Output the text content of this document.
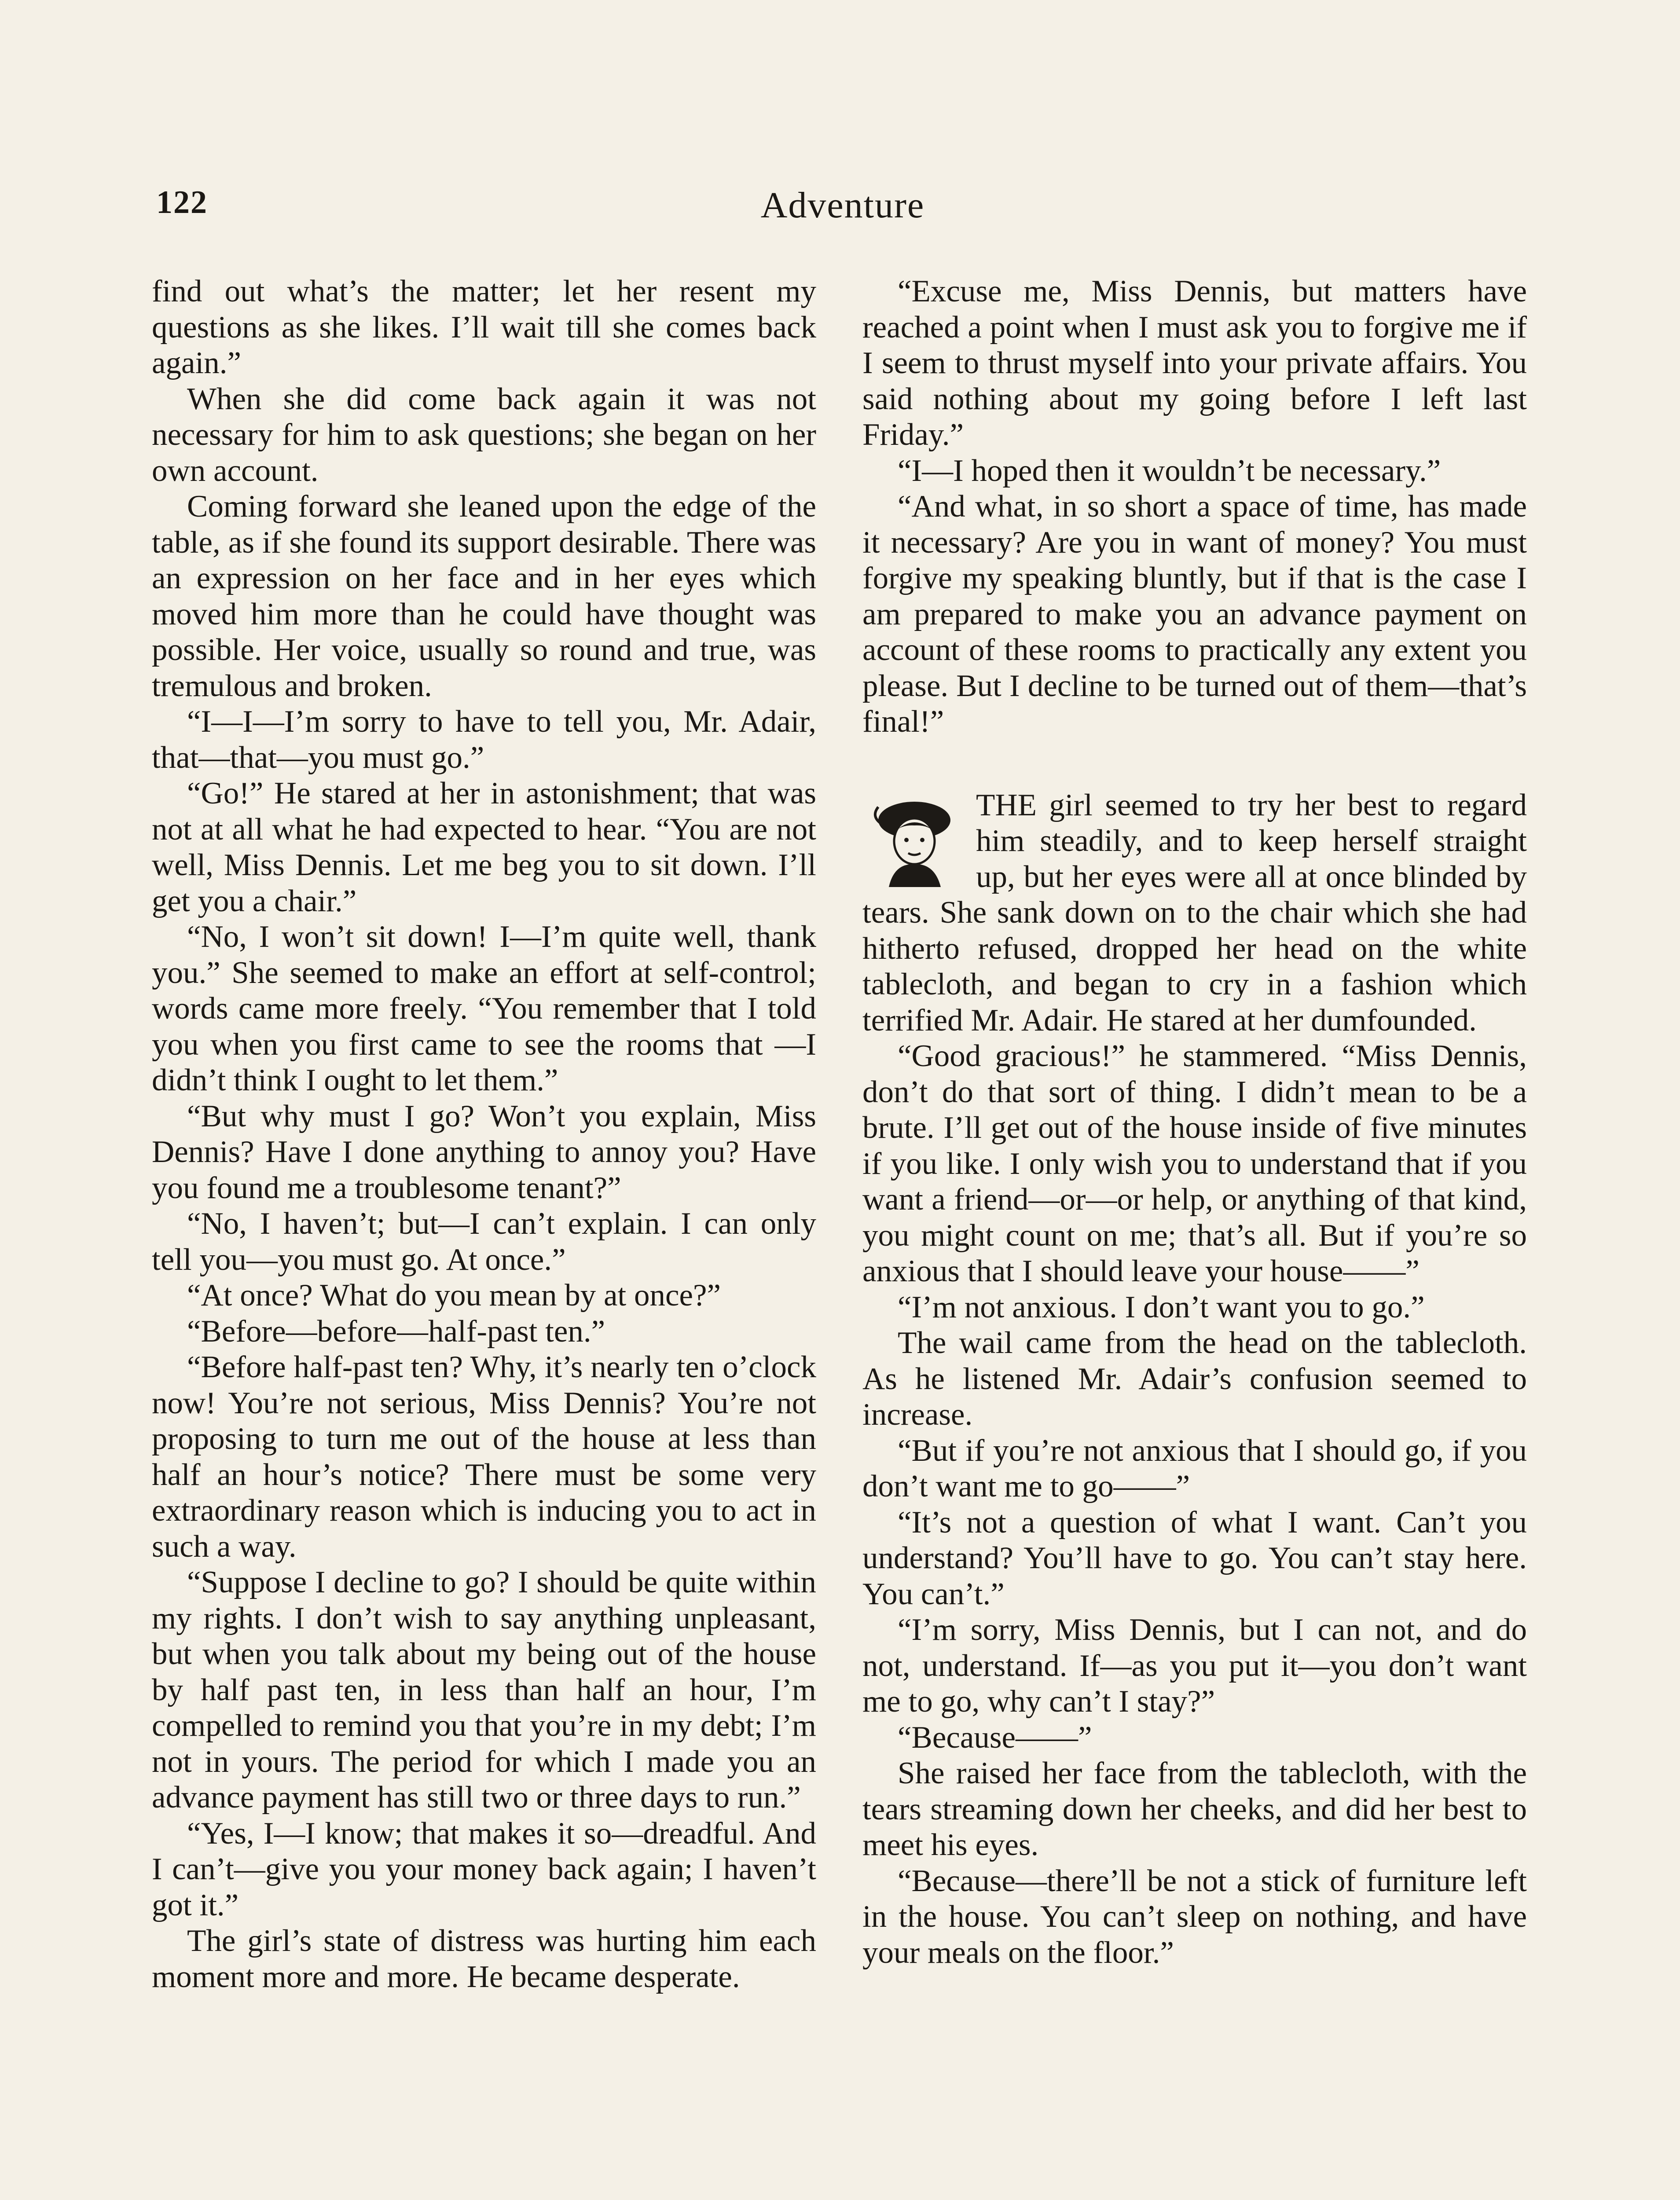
122	Adventure

find out what’s the matter; let her resent my questions as she likes. I’ll wait till she comes back again.”

When she did come back again it was not necessary for him to ask questions; she began on her own account.

Coming forward she leaned upon the edge of the table, as if she found its support desirable. There was an expression on her face and in her eyes which moved him more than he could have thought was possible. Her voice, usually so round and true, was tremulous and broken.

“I—I—I’m sorry to have to tell you, Mr. Adair, that—that—you must go.”

“Go!” He stared at her in astonishment; that was not at all what he had expected to hear. “You are not well, Miss Dennis. Let me beg you to sit down. I’ll get you a chair.”

“No, I won’t sit down! I—I’m quite well, thank you.” She seemed to make an effort at self-control; words came more freely. “You remember that I told you when you first came to see the rooms that —I didn’t think I ought to let them.”

“But why must I go? Won’t you explain, Miss Dennis? Have I done anything to annoy you? Have you found me a troublesome tenant?”

“No, I haven’t; but—I can’t explain. I can only tell you—you must go. At once.”

“At once? What do you mean by at once?”

“Before—before—half-past ten.”

“Before half-past ten? Why, it’s nearly ten o’clock now! You’re not serious, Miss Dennis? You’re not proposing to turn me out of the house at less than half an hour’s notice? There must be some very extraordinary reason which is inducing you to act in such a way.

“Suppose I decline to go? I should be quite within my rights. I don’t wish to say anything unpleasant, but when you talk about my being out of the house by half past ten, in less than half an hour, I’m compelled to remind you that you’re in my debt; I’m not in yours. The period for which I made you an advance payment has still two or three days to run.”

“Yes, I—I know; that makes it so—dreadful. And I can’t—give you your money back again; I haven’t got it.”

The girl’s state of distress was hurting him each moment more and more. He became desperate.

“Excuse me, Miss Dennis, but matters have reached a point when I must ask you to forgive me if I seem to thrust myself into your private affairs. You said nothing about my going before I left last Friday.”

“I—I hoped then it wouldn’t be necessary.”

“And what, in so short a space of time, has made it necessary? Are you in want of money? You must forgive my speaking bluntly, but if that is the case I am prepared to make you an advance payment on account of these rooms to practically any extent you please. But I decline to be turned out of them—that’s final!”

THE girl seemed to try her best to regard him steadily, and to keep herself straight up, but her eyes were all at once blinded by tears. She sank down on to the chair which she had hitherto refused, dropped her head on the white tablecloth, and began to cry in a fashion which terrified Mr. Adair. He stared at her dumfounded.

“Good gracious!” he stammered. “Miss Dennis, don’t do that sort of thing. I didn’t mean to be a brute. I’ll get out of the house inside of five minutes if you like. I only wish you to understand that if you want a friend—or—or help, or anything of that kind, you might count on me; that’s all. But if you’re so anxious that I should leave your house——”

“I’m not anxious. I don’t want you to go.”

The wail came from the head on the tablecloth. As he listened Mr. Adair’s confusion seemed to increase.

“But if you’re not anxious that I should go, if you don’t want me to go——”

“It’s not a question of what I want. Can’t you understand? You’ll have to go. You can’t stay here. You can’t.”

“I’m sorry, Miss Dennis, but I can not, and do not, understand. If—as you put it—you don’t want me to go, why can’t I stay?”

“Because——”

She raised her face from the tablecloth, with the tears streaming down her cheeks, and did her best to meet his eyes.

“Because—there’ll be not a stick of furniture left in the house. You can’t sleep on nothing, and have your meals on the floor.”
